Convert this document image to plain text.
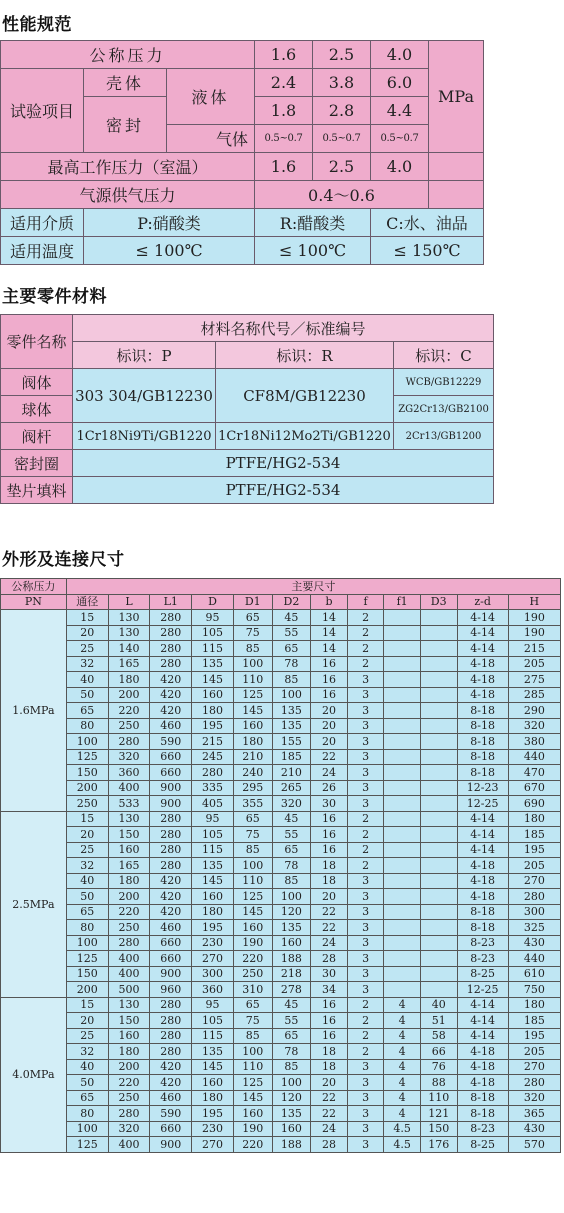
性能规范
公称压力			1.6	2.5	4.0	MPa
试验项目	壳体	液体	2.4	3.8	6.0	
	密封		1.8	2.8	4.4	
		气体	0.5~0.7	0.5~0.7	0.5~0.7	
最高工作压力（室温）			1.6	2.5	4.0	
气源供气压力			0.4～0.6			
适用介质	P:硝酸类		R:醋酸类		C:水、油品	
适用温度	≤ 100℃		≤ 100℃		≤ 150℃	
主要零件材料
零件名称	材料名称代号／标准编号		
	标识：P	标识：R	标识：C
阀体	303 304/GB12230	CF8M/GB12230	WCB/GB12229
球体			ZG2Cr13/GB2100
阀杆	1Cr18Ni9Ti/GB1220	1Cr18Ni12Mo2Ti/GB1220	2Cr13/GB1200
密封圈	PTFE/HG2-534		
垫片填料	PTFE/HG2-534		
外形及连接尺寸
公称压力	主要尺寸											
PN	通径	L	L1	D	D1	D2	b	f	f1	D3	z-d	H
1.6MPa	15	130	280	95	65	45	14	2			4-14	190
	20	130	280	105	75	55	14	2			4-14	190
	25	140	280	115	85	65	14	2			4-14	215
	32	165	280	135	100	78	16	2			4-18	205
	40	180	420	145	110	85	16	3			4-18	275
	50	200	420	160	125	100	16	3			4-18	285
	65	220	420	180	145	135	20	3			8-18	290
	80	250	460	195	160	135	20	3			8-18	320
	100	280	590	215	180	155	20	3			8-18	380
	125	320	660	245	210	185	22	3			8-18	440
	150	360	660	280	240	210	24	3			8-18	470
	200	400	900	335	295	265	26	3			12-23	670
	250	533	900	405	355	320	30	3			12-25	690
2.5MPa	15	130	280	95	65	45	16	2			4-14	180
	20	150	280	105	75	55	16	2			4-14	185
	25	160	280	115	85	65	16	2			4-14	195
	32	165	280	135	100	78	18	2			4-18	205
	40	180	420	145	110	85	18	3			4-18	270
	50	200	420	160	125	100	20	3			4-18	280
	65	220	420	180	145	120	22	3			8-18	300
	80	250	460	195	160	135	22	3			8-18	325
	100	280	660	230	190	160	24	3			8-23	430
	125	400	660	270	220	188	28	3			8-23	440
	150	400	900	300	250	218	30	3			8-25	610
	200	500	960	360	310	278	34	3			12-25	750
4.0MPa	15	130	280	95	65	45	16	2	4	40	4-14	180
	20	150	280	105	75	55	16	2	4	51	4-14	185
	25	160	280	115	85	65	16	2	4	58	4-14	195
	32	180	280	135	100	78	18	2	4	66	4-18	205
	40	200	420	145	110	85	18	3	4	76	4-18	270
	50	220	420	160	125	100	20	3	4	88	4-18	280
	65	250	460	180	145	120	22	3	4	110	8-18	320
	80	280	590	195	160	135	22	3	4	121	8-18	365
	100	320	660	230	190	160	24	3	4.5	150	8-23	430
	125	400	900	270	220	188	28	3	4.5	176	8-25	570
